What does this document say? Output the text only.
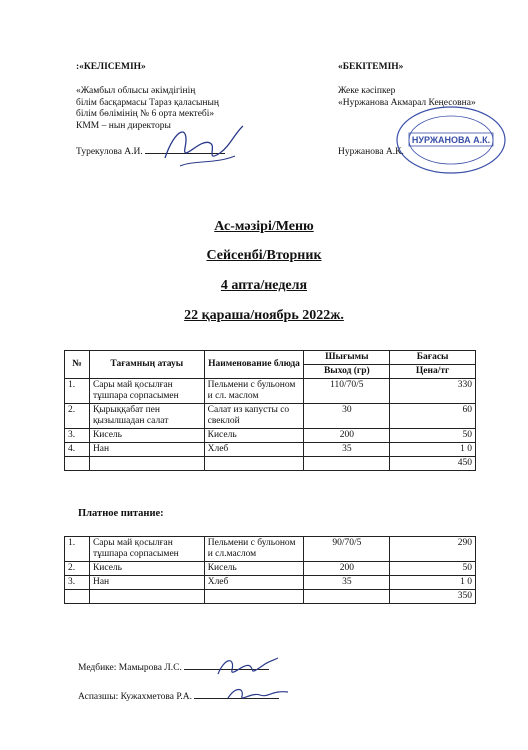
:«КЕЛІСЕМІН»
«Жамбыл облысы әкімдігінің
білім басқармасы Тараз қаласының
білім бөлімінің № 6 орта мектебі»
КММ – нын директоры
Турекулова А.И.
«БЕКІТЕМІН»
Жеке кәсіпкер
«Нуржанова Акмарал Кеңесовна»
Нуржанова А.К.
НУРЖАНОВА А.К.
Ас-мәзірі/Меню
Сейсенбі/Вторник
4 апта/неделя
22 қараша/ноябрь 2022ж.
№	Тағамның атауы	Наименование блюда	Шығымы	Бағасы
			Выход (гр)	Цена/тг
1.	Сары май қосылған тұшпара сорпасымен	Пельмени с бульоном и сл. маслом	110/70/5	330
2.	Қырыққабат пен қызылшадан салат	Салат из капусты со свеклой	30	60
3.	Кисель	Кисель	200	50
4.	Нан	Хлеб	35	1 0
				450
Платное питание:
1.	Сары май қосылған тұшпара сорпасымен	Пельмени с бульоном и сл.маслом	90/70/5	290
2.	Кисель	Кисель	200	50
3.	Нан	Хлеб	35	1 0
				350
Медбике: Мамырова Л.С.
Аспазшы: Кужахметова Р.А.
